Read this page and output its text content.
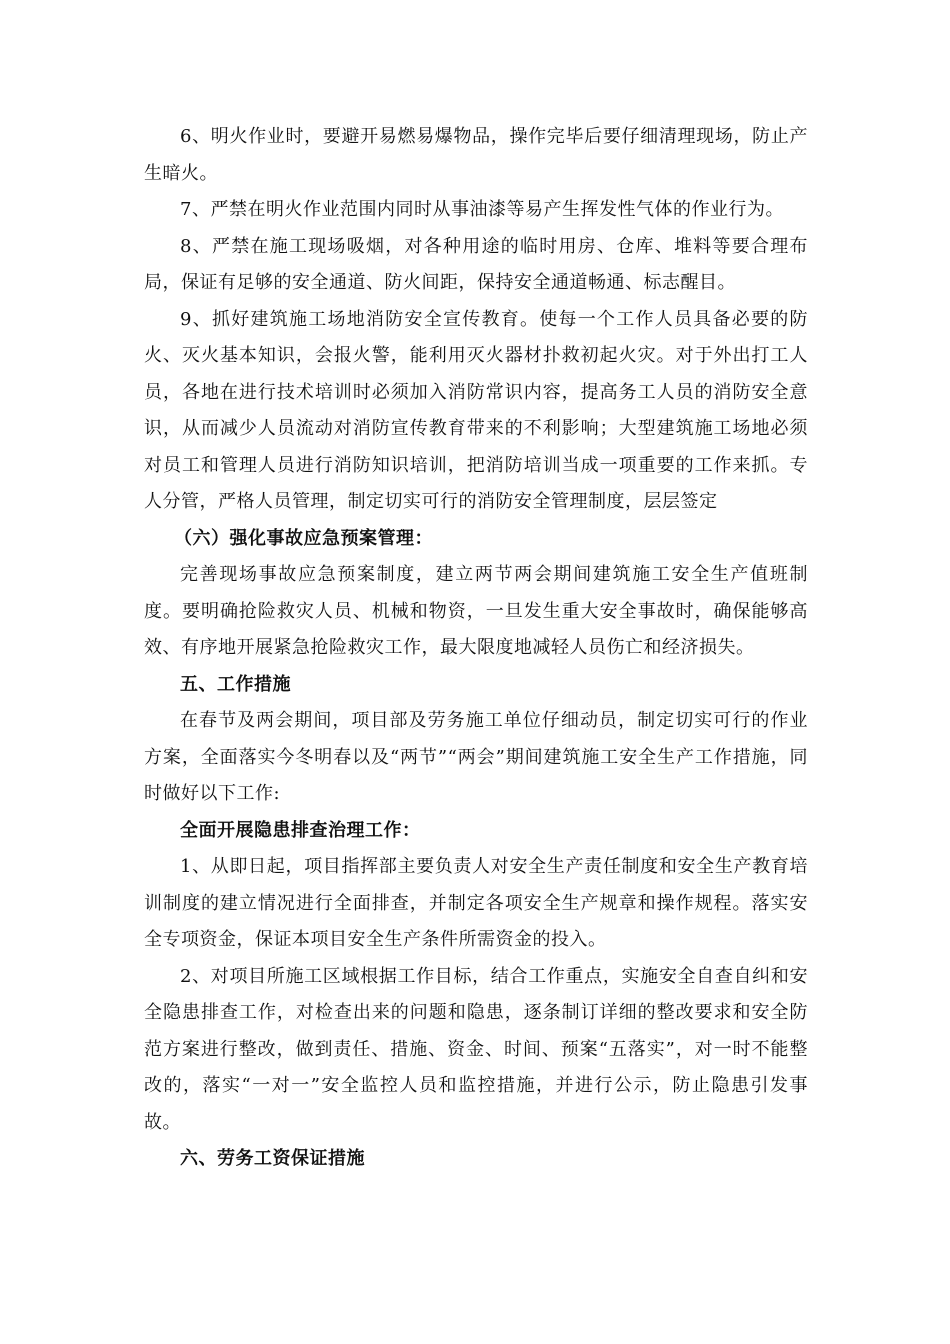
6、明火作业时，要避开易燃易爆物品，操作完毕后要仔细清理现场，防止产生暗火。

7、严禁在明火作业范围内同时从事油漆等易产生挥发性气体的作业行为。

8、严禁在施工现场吸烟，对各种用途的临时用房、仓库、堆料等要合理布局，保证有足够的安全通道、防火间距，保持安全通道畅通、标志醒目。

9、抓好建筑施工场地消防安全宣传教育。使每一个工作人员具备必要的防火、灭火基本知识，会报火警，能利用灭火器材扑救初起火灾。对于外出打工人员，各地在进行技术培训时必须加入消防常识内容，提高务工人员的消防安全意识，从而减少人员流动对消防宣传教育带来的不利影响；大型建筑施工场地必须对员工和管理人员进行消防知识培训，把消防培训当成一项重要的工作来抓。专人分管，严格人员管理，制定切实可行的消防安全管理制度，层层签定

（六）强化事故应急预案管理：

完善现场事故应急预案制度，建立两节两会期间建筑施工安全生产值班制度。要明确抢险救灾人员、机械和物资，一旦发生重大安全事故时，确保能够高效、有序地开展紧急抢险救灾工作，最大限度地减轻人员伤亡和经济损失。

五、工作措施

在春节及两会期间，项目部及劳务施工单位仔细动员，制定切实可行的作业方案，全面落实今冬明春以及“两节”“两会”期间建筑施工安全生产工作措施，同时做好以下工作:

全面开展隐患排查治理工作：

1、从即日起，项目指挥部主要负责人对安全生产责任制度和安全生产教育培训制度的建立情况进行全面排查，并制定各项安全生产规章和操作规程。落实安全专项资金，保证本项目安全生产条件所需资金的投入。

2、对项目所施工区域根据工作目标，结合工作重点，实施安全自查自纠和安全隐患排查工作，对检查出来的问题和隐患，逐条制订详细的整改要求和安全防范方案进行整改，做到责任、措施、资金、时间、预案“五落实”，对一时不能整改的，落实“一对一”安全监控人员和监控措施，并进行公示，防止隐患引发事故。

六、劳务工资保证措施
